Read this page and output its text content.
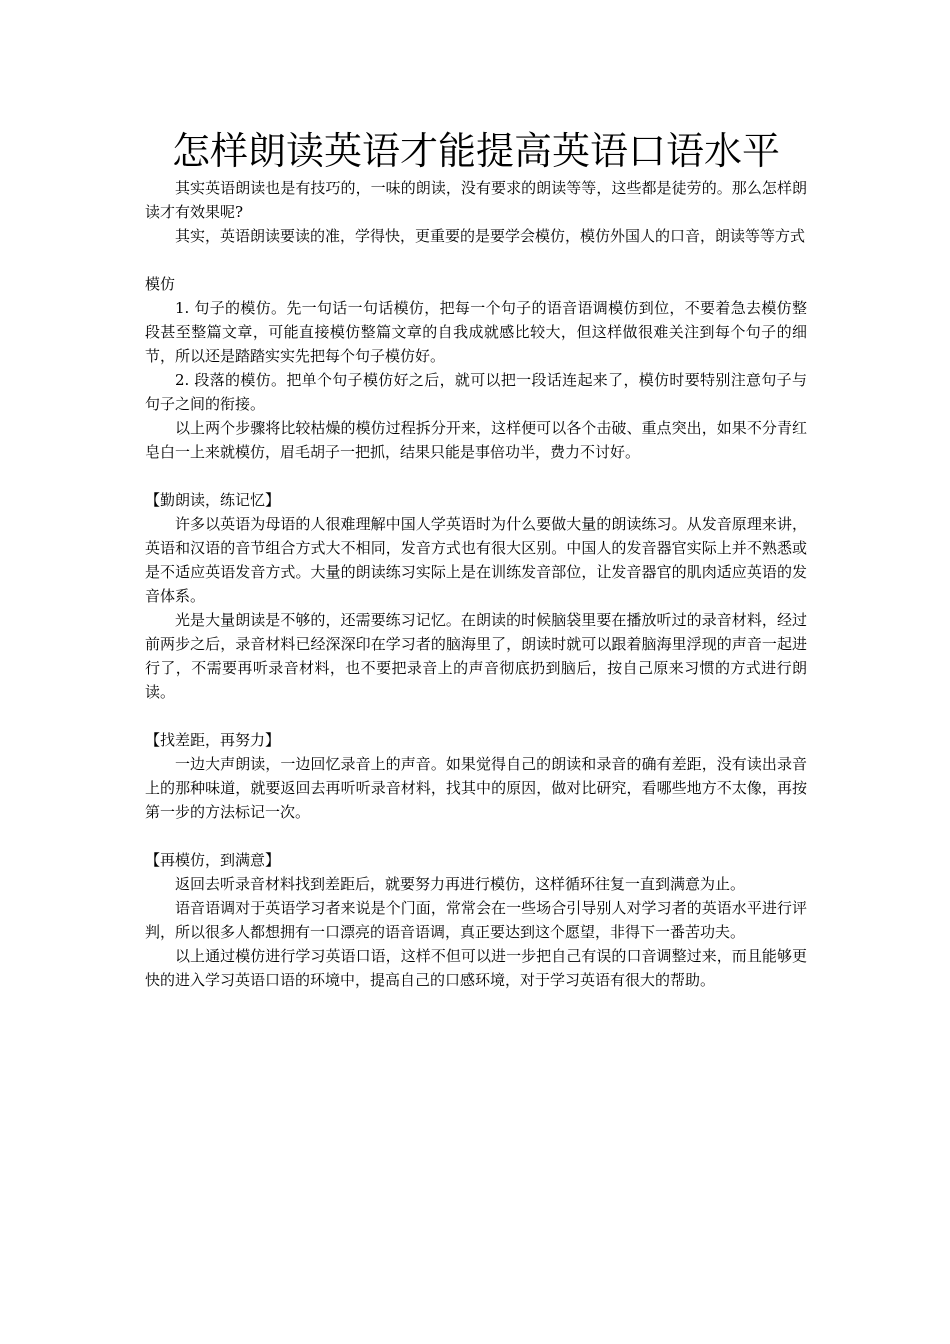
怎样朗读英语才能提高英语口语水平

其实英语朗读也是有技巧的，一味的朗读，没有要求的朗读等等，这些都是徒劳的。那么怎样朗读才有效果呢?

其实，英语朗读要读的准，学得快，更重要的是要学会模仿，模仿外国人的口音，朗读等等方式

模仿

1. 句子的模仿。先一句话一句话模仿，把每一个句子的语音语调模仿到位，不要着急去模仿整段甚至整篇文章，可能直接模仿整篇文章的自我成就感比较大，但这样做很难关注到每个句子的细节，所以还是踏踏实实先把每个句子模仿好。

2. 段落的模仿。把单个句子模仿好之后，就可以把一段话连起来了，模仿时要特别注意句子与句子之间的衔接。

以上两个步骤将比较枯燥的模仿过程拆分开来，这样便可以各个击破、重点突出，如果不分青红皂白一上来就模仿，眉毛胡子一把抓，结果只能是事倍功半，费力不讨好。

【勤朗读，练记忆】

许多以英语为母语的人很难理解中国人学英语时为什么要做大量的朗读练习。从发音原理来讲，英语和汉语的音节组合方式大不相同，发音方式也有很大区别。中国人的发音器官实际上并不熟悉或是不适应英语发音方式。大量的朗读练习实际上是在训练发音部位，让发音器官的肌肉适应英语的发音体系。

光是大量朗读是不够的，还需要练习记忆。在朗读的时候脑袋里要在播放听过的录音材料，经过前两步之后，录音材料已经深深印在学习者的脑海里了，朗读时就可以跟着脑海里浮现的声音一起进行了，不需要再听录音材料，也不要把录音上的声音彻底扔到脑后，按自己原来习惯的方式进行朗读。

【找差距，再努力】

一边大声朗读，一边回忆录音上的声音。如果觉得自己的朗读和录音的确有差距，没有读出录音上的那种味道，就要返回去再听听录音材料，找其中的原因，做对比研究，看哪些地方不太像，再按第一步的方法标记一次。

【再模仿，到满意】

返回去听录音材料找到差距后，就要努力再进行模仿，这样循环往复一直到满意为止。

语音语调对于英语学习者来说是个门面，常常会在一些场合引导别人对学习者的英语水平进行评判，所以很多人都想拥有一口漂亮的语音语调，真正要达到这个愿望，非得下一番苦功夫。

以上通过模仿进行学习英语口语，这样不但可以进一步把自己有误的口音调整过来，而且能够更快的进入学习英语口语的环境中，提高自己的口感环境，对于学习英语有很大的帮助。
